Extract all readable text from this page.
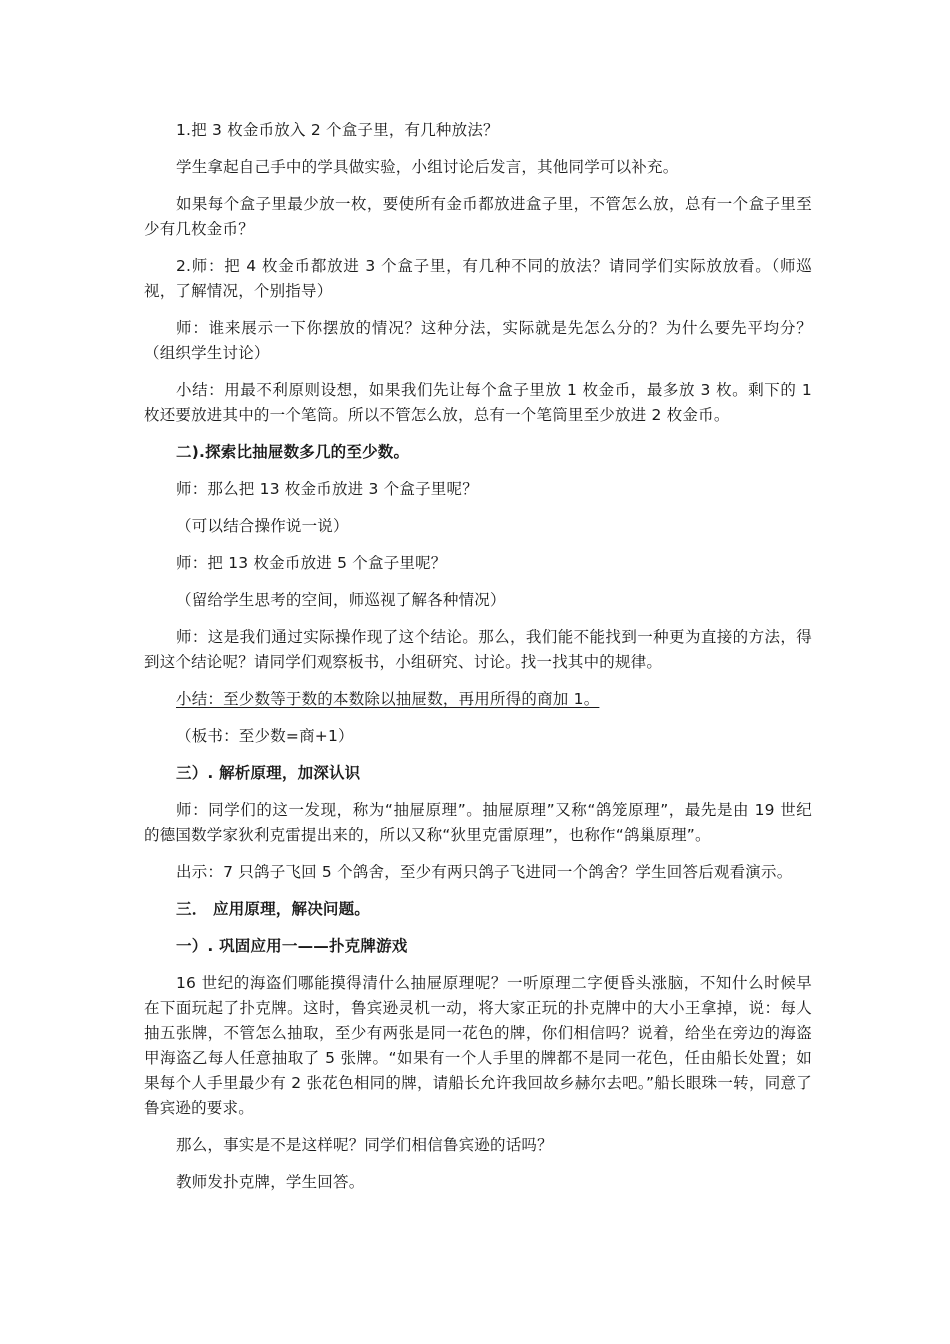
1.把 3 枚金币放入 2 个盒子里，有几种放法？

学生拿起自己手中的学具做实验，小组讨论后发言，其他同学可以补充。

如果每个盒子里最少放一枚，要使所有金币都放进盒子里，不管怎么放，总有一个盒子里至少有几枚金币？

2.师：把 4 枚金币都放进 3 个盒子里，有几种不同的放法？请同学们实际放放看。（师巡视，了解情况，个别指导）

师：谁来展示一下你摆放的情况？这种分法，实际就是先怎么分的？为什么要先平均分？（组织学生讨论）

小结：用最不利原则设想，如果我们先让每个盒子里放 1 枚金币，最多放 3 枚。剩下的 1 枚还要放进其中的一个笔筒。所以不管怎么放，总有一个笔筒里至少放进 2 枚金币。

二).探索比抽屉数多几的至少数。

师：那么把 13 枚金币放进 3 个盒子里呢？

（可以结合操作说一说）

师：把 13 枚金币放进 5 个盒子里呢？

（留给学生思考的空间，师巡视了解各种情况）

师：这是我们通过实际操作现了这个结论。那么，我们能不能找到一种更为直接的方法，得到这个结论呢？请同学们观察板书，小组研究、讨论。找一找其中的规律。

小结：至少数等于数的本数除以抽屉数，再用所得的商加 1。

（板书：至少数=商+1）

三）. 解析原理，加深认识

师：同学们的这一发现，称为“抽屉原理”。抽屉原理”又称“鸽笼原理”，最先是由 19 世纪的德国数学家狄利克雷提出来的，所以又称“狄里克雷原理”，也称作“鸽巢原理”。

出示：7 只鸽子飞回 5 个鸽舍，至少有两只鸽子飞进同一个鸽舍？学生回答后观看演示。

三． 应用原理，解决问题。

一）. 巩固应用一——扑克牌游戏

16 世纪的海盗们哪能摸得清什么抽屉原理呢？一听原理二字便昏头涨脑，不知什么时候早在下面玩起了扑克牌。这时，鲁宾逊灵机一动，将大家正玩的扑克牌中的大小王拿掉，说：每人抽五张牌，不管怎么抽取，至少有两张是同一花色的牌，你们相信吗？说着，给坐在旁边的海盗甲海盗乙每人任意抽取了 5 张牌。“如果有一个人手里的牌都不是同一花色，任由船长处置；如果每个人手里最少有 2 张花色相同的牌，请船长允许我回故乡赫尔去吧。”船长眼珠一转，同意了鲁宾逊的要求。

那么，事实是不是这样呢？同学们相信鲁宾逊的话吗？

教师发扑克牌，学生回答。
